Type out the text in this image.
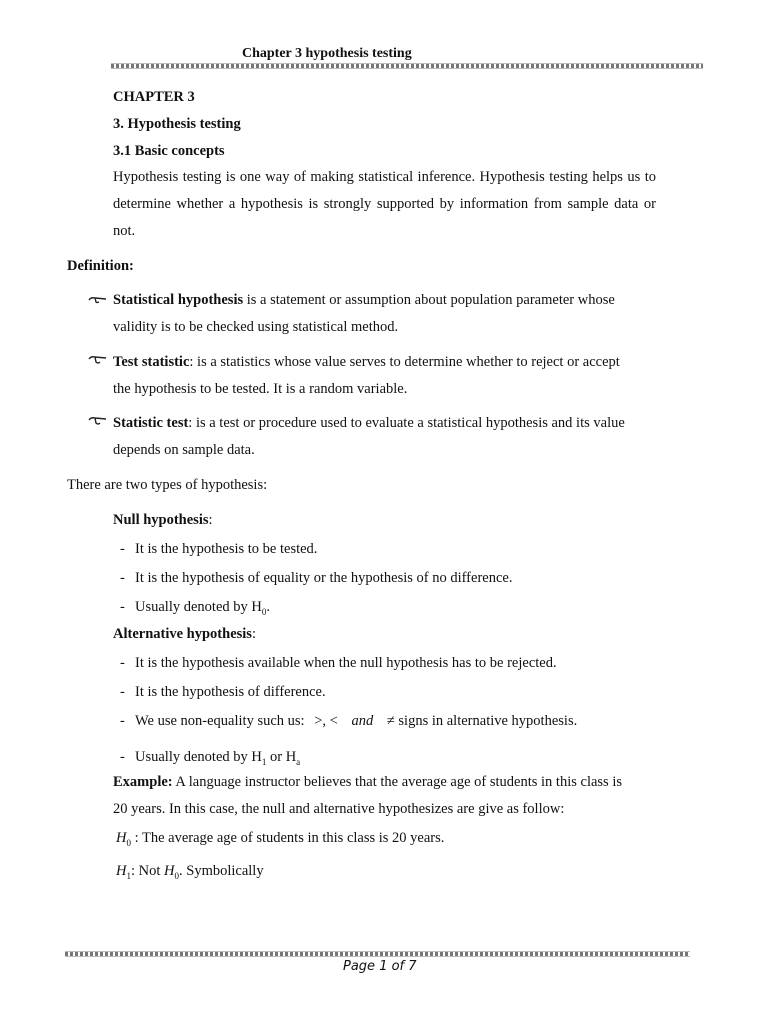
Chapter 3 hypothesis testing
CHAPTER 3
3. Hypothesis testing
3.1 Basic concepts
Hypothesis testing is one way of making statistical inference. Hypothesis testing helps us to determine whether a hypothesis is strongly supported by information from sample data or not.
Definition:
Statistical hypothesis is a statement or assumption about population parameter whose
validity is to be checked using statistical method.
Test statistic: is a statistics whose value serves to determine whether to reject or accept
the hypothesis to be tested. It is a random variable.
Statistic test: is a test or procedure used to evaluate a statistical hypothesis and its value
depends on sample data.
There are two types of hypothesis:
Null hypothesis:
- It is the hypothesis to be tested.
- It is the hypothesis of equality or the hypothesis of no difference.
- Usually denoted by $H_0$.
Alternative hypothesis:
- It is the hypothesis available when the null hypothesis has to be rejected.
- It is the hypothesis of difference.
- We use non-equality such us: >, < and ≠ signs in alternative hypothesis.
- Usually denoted by $H_1$ or $H_a$
Example: A language instructor believes that the average age of students in this class is
20 years. In this case, the null and alternative hypothesizes are give as follow:
$H_0$ : The average age of students in this class is 20 years.
$H_1$: Not $H_0$. Symbolically
Page 1 of 7
